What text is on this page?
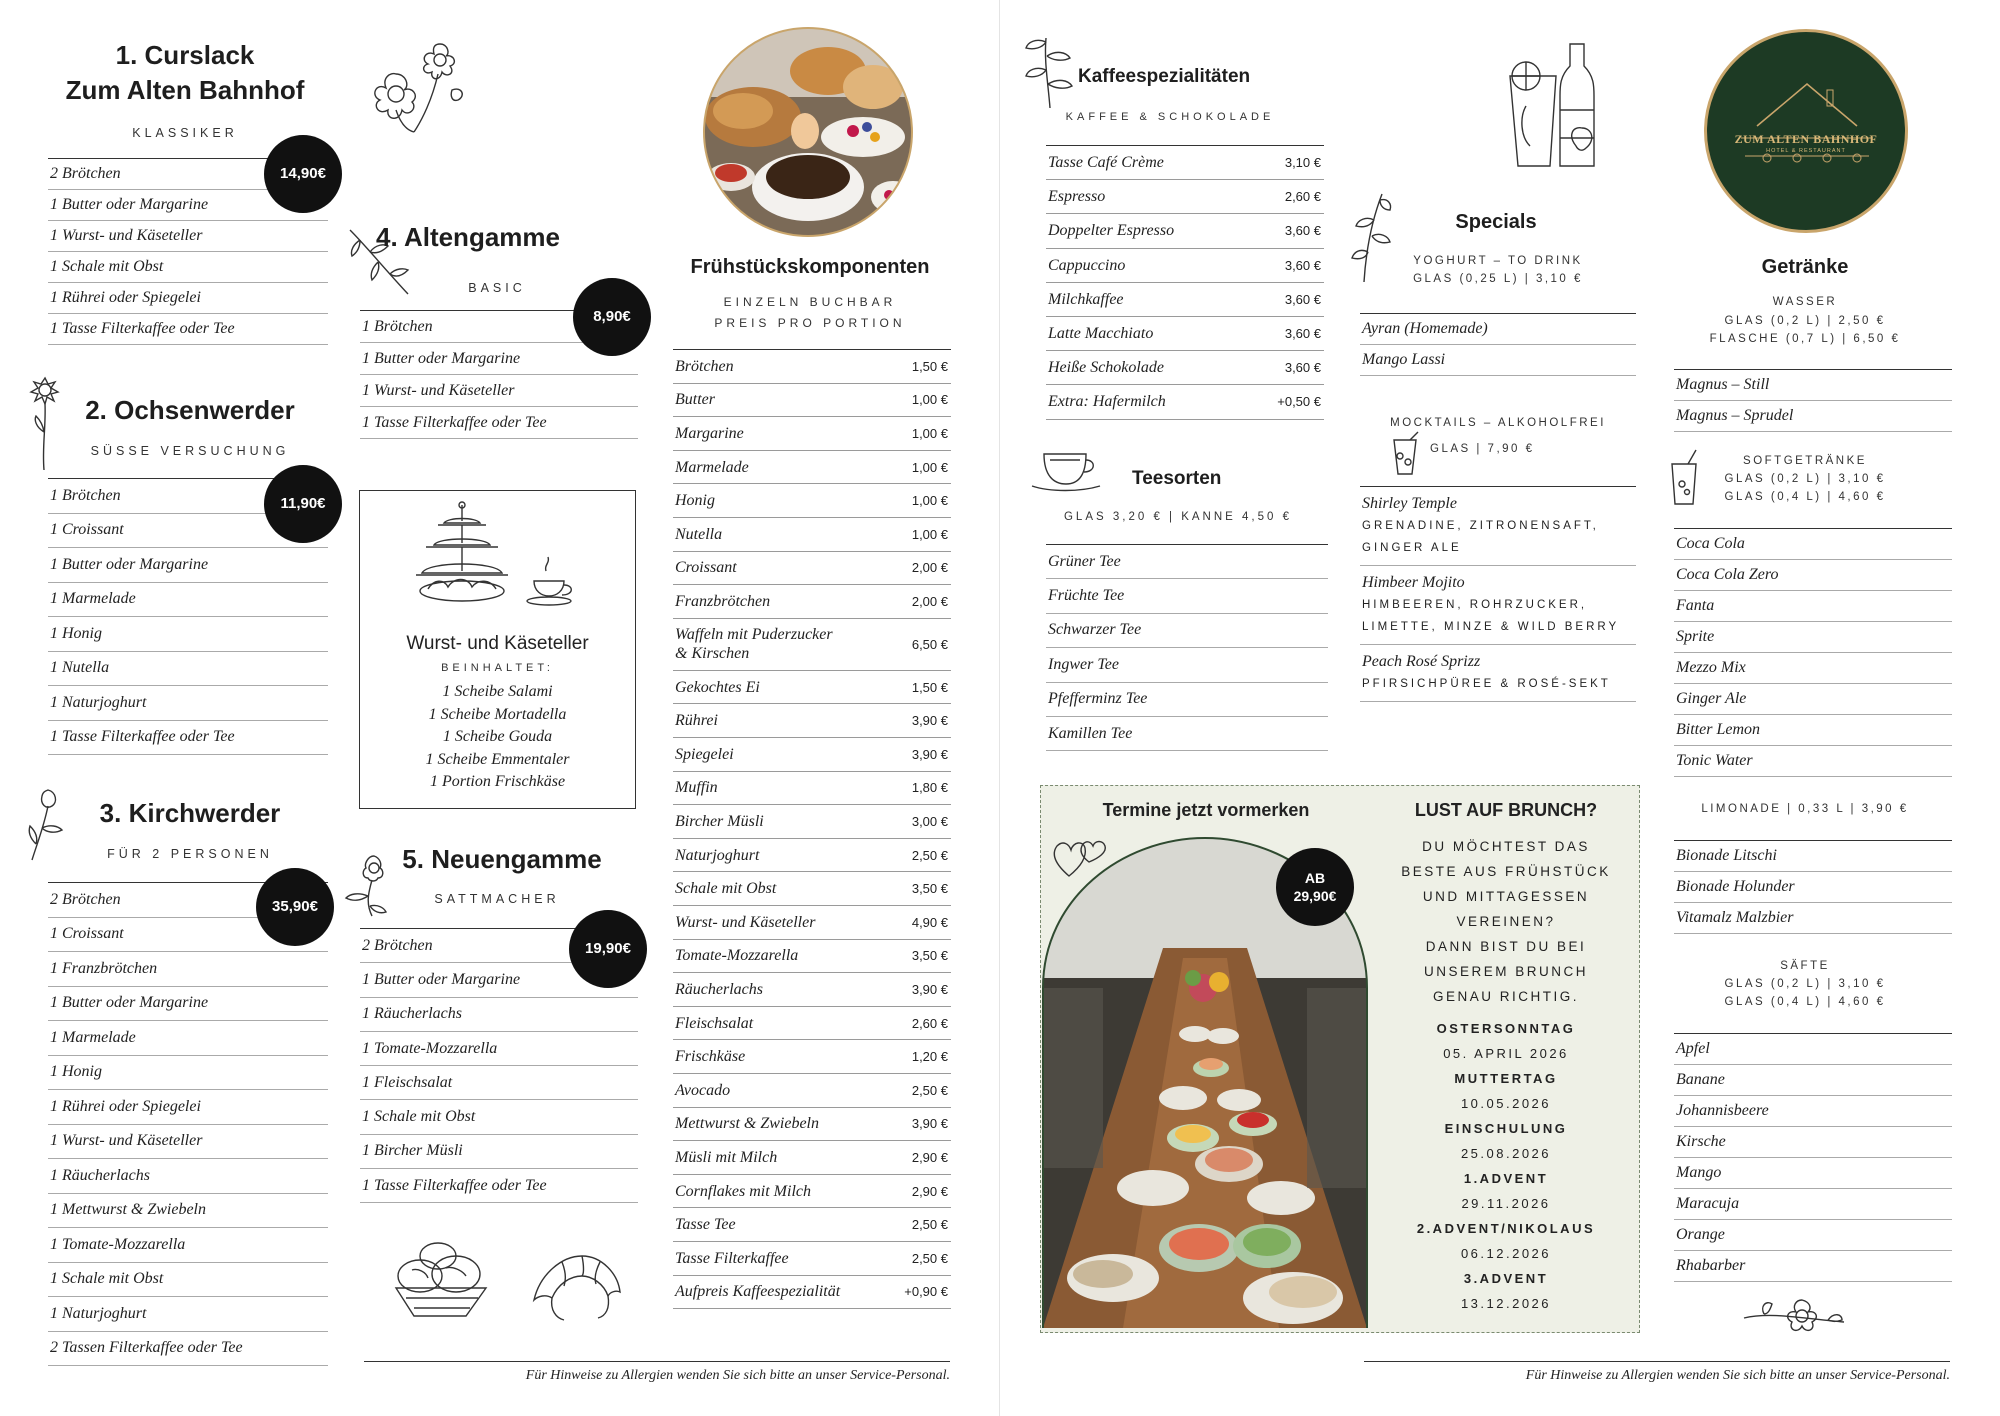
1. Curslack
Zum Alten Bahnhof
KLASSIKER
2 Brötchen
1 Butter oder Margarine
1 Wurst- und Käseteller
1 Schale mit Obst
1 Rührei oder Spiegelei
1 Tasse Filterkaffee oder Tee
14,90€
2. Ochsenwerder
SÜSSE VERSUCHUNG
1 Brötchen
1 Croissant
1 Butter oder Margarine
1 Marmelade
1 Honig
1 Nutella
1 Naturjoghurt
1 Tasse Filterkaffee oder Tee
11,90€
3. Kirchwerder
FÜR 2 PERSONEN
2 Brötchen
1 Croissant
1 Franzbrötchen
1 Butter oder Margarine
1 Marmelade
1 Honig
1 Rührei oder Spiegelei
1 Wurst- und Käseteller
1 Räucherlachs
1 Mettwurst & Zwiebeln
1 Tomate-Mozzarella
1 Schale mit Obst
1 Naturjoghurt
2 Tassen Filterkaffee oder Tee
35,90€
4. Altengamme
BASIC
1 Brötchen
1 Butter oder Margarine
1 Wurst- und Käseteller
1 Tasse Filterkaffee oder Tee
8,90€
Wurst- und Käseteller
BEINHALTET:
1 Scheibe Salami
1 Scheibe Mortadella
1 Scheibe Gouda
1 Scheibe Emmentaler
1 Portion Frischkäse
5. Neuengamme
SATTMACHER
2 Brötchen
1 Butter oder Margarine
1 Räucherlachs
1 Tomate-Mozzarella
1 Fleischsalat
1 Schale mit Obst
1 Bircher Müsli
1 Tasse Filterkaffee oder Tee
19,90€
Frühstückskomponenten
EINZELN BUCHBAR
PREIS PRO PORTION
Brötchen	1,50 €
Butter	1,00 €
Margarine	1,00 €
Marmelade	1,00 €
Honig	1,00 €
Nutella	1,00 €
Croissant	2,00 €
Franzbrötchen	2,00 €
Waffeln mit Puderzucker
& Kirschen
6,50 €
Gekochtes Ei	1,50 €
Rührei	3,90 €
Spiegelei	3,90 €
Muffin	1,80 €
Bircher Müsli	3,00 €
Naturjoghurt	2,50 €
Schale mit Obst	3,50 €
Wurst- und Käseteller	4,90 €
Tomate-Mozzarella	3,50 €
Räucherlachs	3,90 €
Fleischsalat	2,60 €
Frischkäse	1,20 €
Avocado	2,50 €
Mettwurst & Zwiebeln	3,90 €
Müsli mit Milch	2,90 €
Cornflakes mit Milch	2,90 €
Tasse Tee	2,50 €
Tasse Filterkaffee	2,50 €
Aufpreis Kaffeespezialität	+0,90 €
Für Hinweise zu Allergien wenden Sie sich bitte an unser Service-Personal.
Kaffeespezialitäten
KAFFEE & SCHOKOLADE
Tasse Café Crème	3,10 €
Espresso	2,60 €
Doppelter Espresso	3,60 €
Cappuccino	3,60 €
Milchkaffee	3,60 €
Latte Macchiato	3,60 €
Heiße Schokolade	3,60 €
Extra: Hafermilch	+0,50 €
Teesorten
GLAS 3,20 € | KANNE 4,50 €
Grüner Tee
Früchte Tee
Schwarzer Tee
Ingwer Tee
Pfefferminz Tee
Kamillen Tee
Specials
YOGHURT – TO DRINK
GLAS (0,25 L) | 3,10 €
Ayran (Homemade)
Mango Lassi
MOCKTAILS – ALKOHOLFREI
GLAS | 7,90 €
Shirley Temple
GRENADINE, ZITRONENSAFT, GINGER ALE
Himbeer Mojito
HIMBEEREN, ROHRZUCKER, LIMETTE, MINZE & WILD BERRY
Peach Rosé Sprizz
PFIRSICHPÜREE & ROSÉ-SEKT
ZUM ALTEN BAHNHOF
HOTEL & RESTAURANT
Getränke
WASSER
GLAS (0,2 L) | 2,50 €
FLASCHE (0,7 L) | 6,50 €
Magnus – Still
Magnus – Sprudel
SOFTGETRÄNKE
GLAS (0,2 L) | 3,10 €
GLAS (0,4 L) | 4,60 €
Coca Cola
Coca Cola Zero
Fanta
Sprite
Mezzo Mix
Ginger Ale
Bitter Lemon
Tonic Water
LIMONADE | 0,33 L | 3,90 €
Bionade Litschi
Bionade Holunder
Vitamalz Malzbier
SÄFTE
GLAS (0,2 L) | 3,10 €
GLAS (0,4 L) | 4,60 €
Apfel
Banane
Johannisbeere
Kirsche
Mango
Maracuja
Orange
Rhabarber
Termine jetzt vormerken
AB
29,90€
LUST AUF BRUNCH?
DU MÖCHTEST DAS
BESTE AUS FRÜHSTÜCK
UND MITTAGESSEN
VEREINEN?
DANN BIST DU BEI
UNSEREM BRUNCH
GENAU RICHTIG.
OSTERSONNTAG
05. APRIL 2026
MUTTERTAG
10.05.2026
EINSCHULUNG
25.08.2026
1.ADVENT
29.11.2026
2.ADVENT/NIKOLAUS
06.12.2026
3.ADVENT
13.12.2026
Für Hinweise zu Allergien wenden Sie sich bitte an unser Service-Personal.
